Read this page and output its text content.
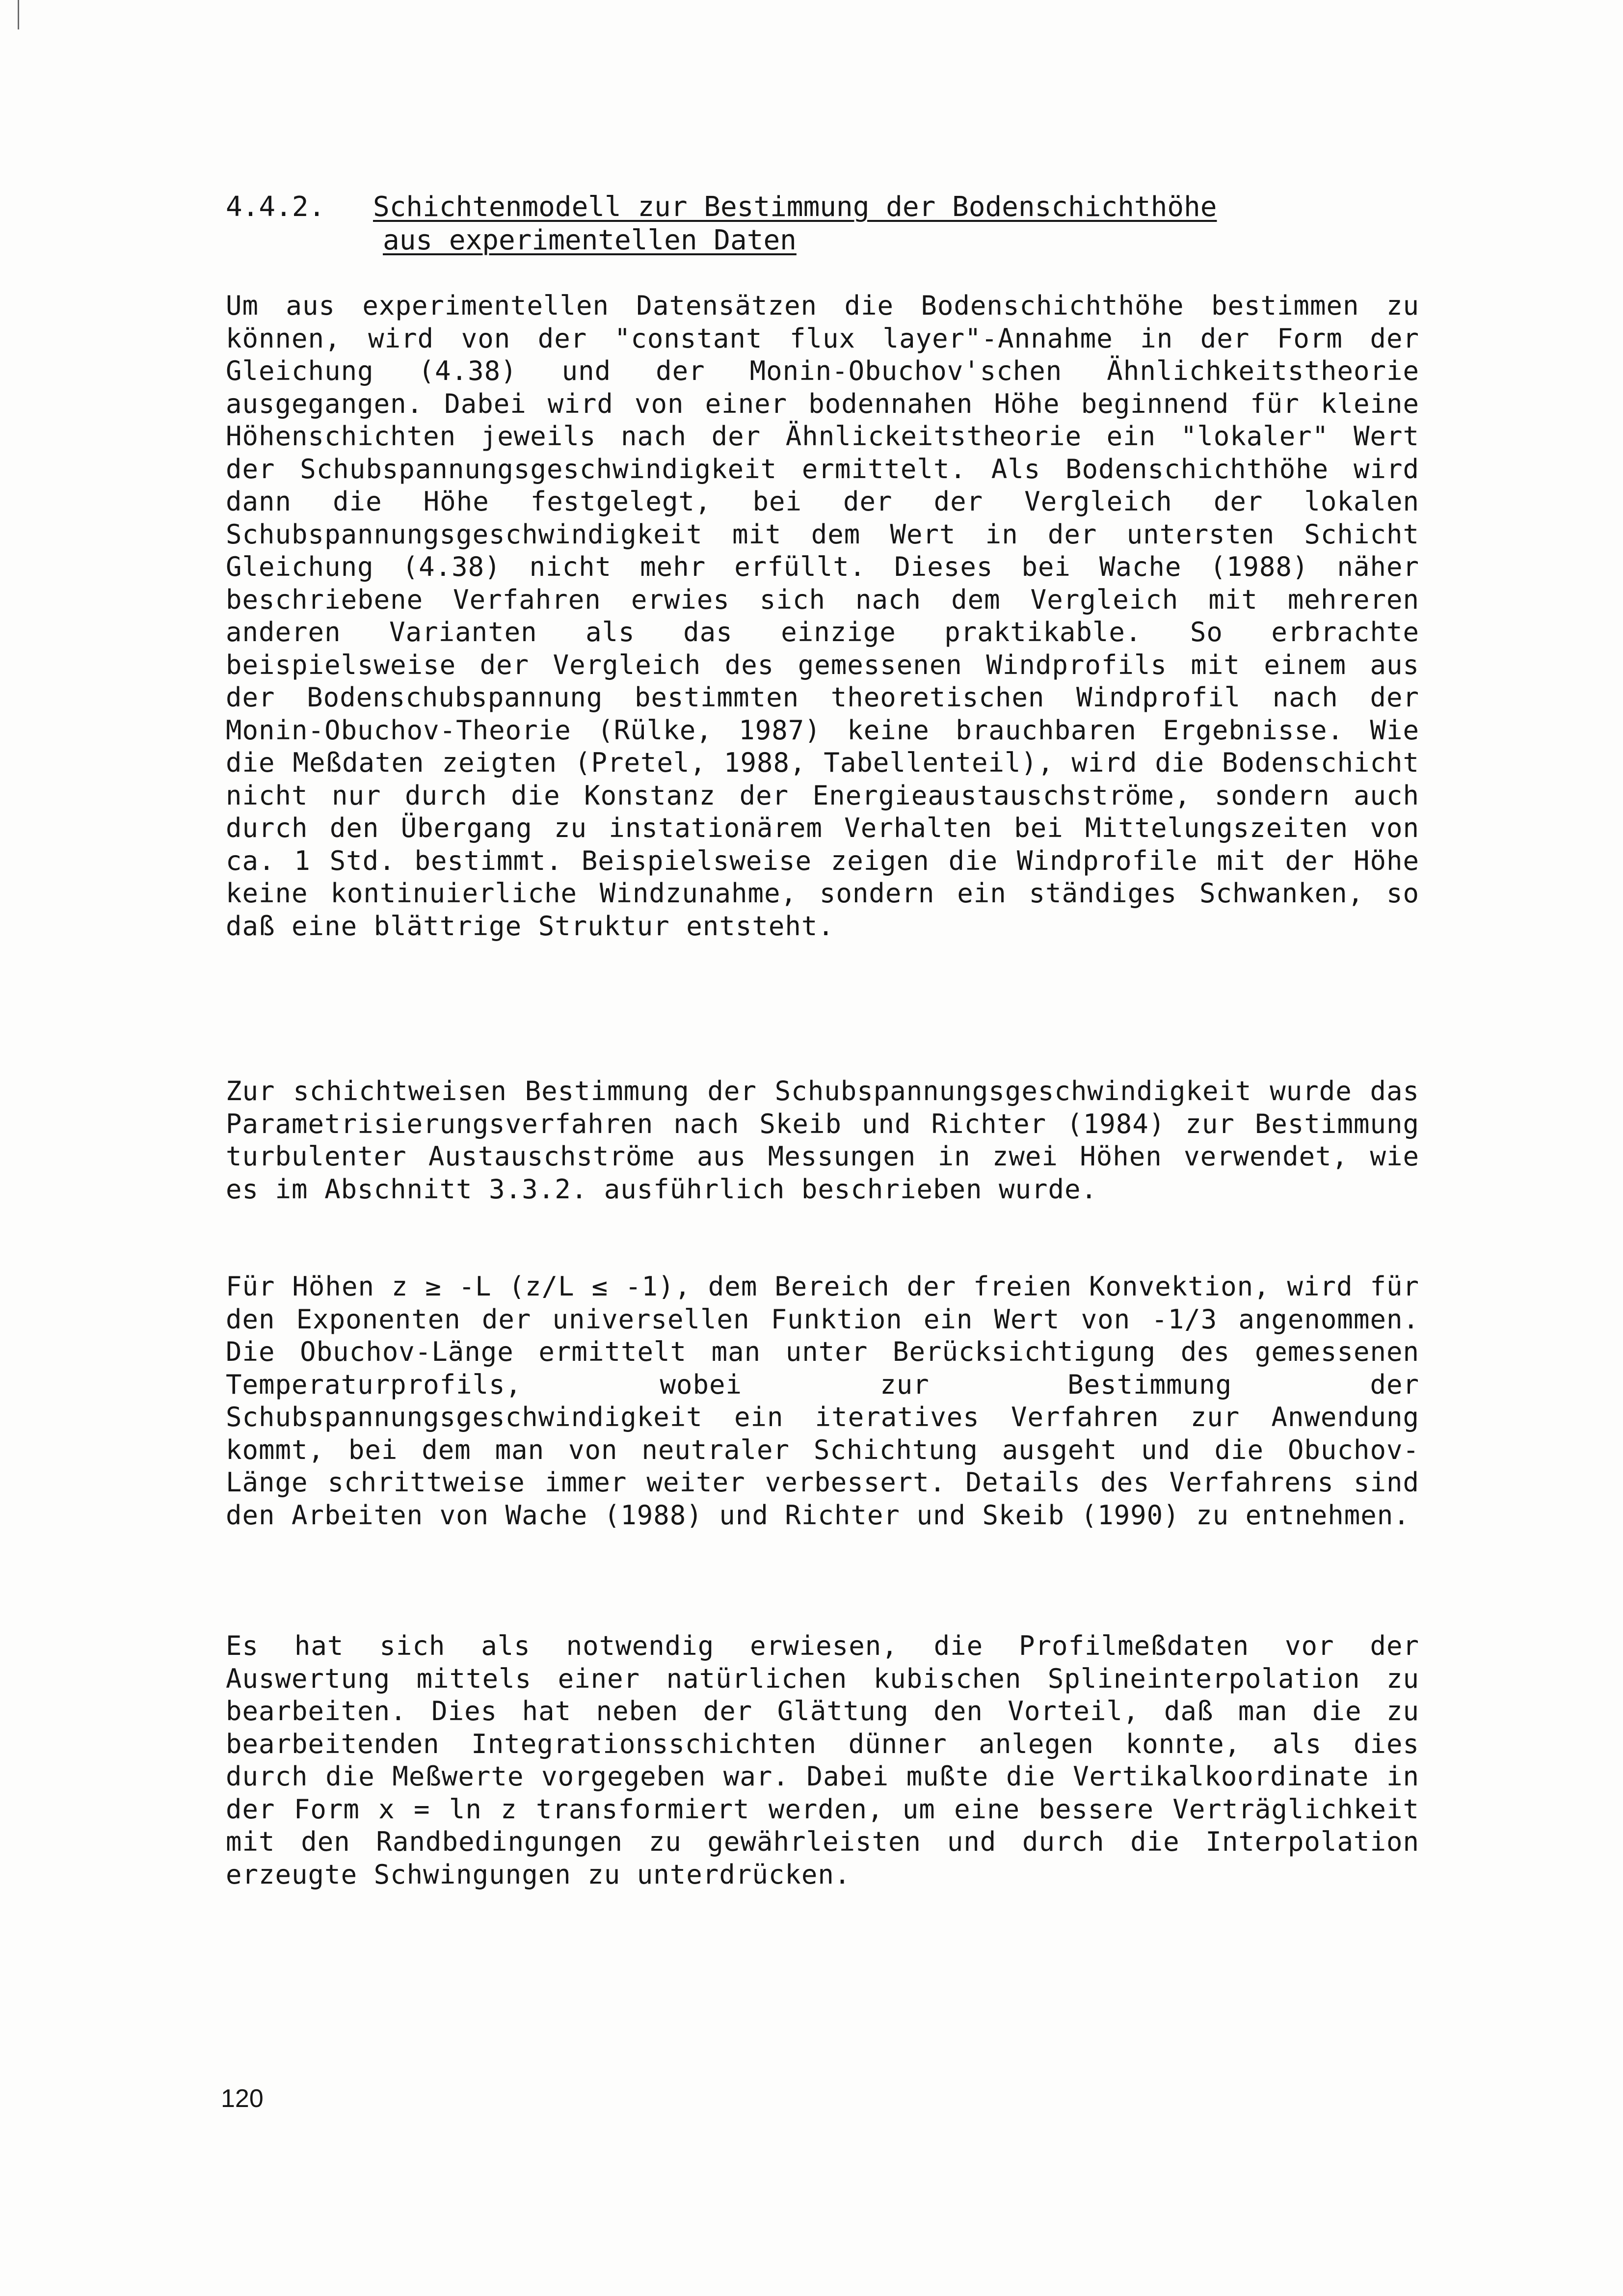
4.4.2. Schichtenmodell zur Bestimmung der Bodenschichthöhe
aus experimentellen Daten

Um aus experimentellen Datensätzen die Bodenschichthöhe bestimmen zu können, wird von der "constant flux layer"-Annahme in der Form der Gleichung (4.38) und der Monin-Obuchov'schen Ähnlichkeitstheorie ausgegangen. Dabei wird von einer bodennahen Höhe beginnend für kleine Höhenschichten jeweils nach der Ähnlickeitstheorie ein "lokaler" Wert der Schubspannungsgeschwindigkeit ermittelt. Als Bodenschichthöhe wird dann die Höhe festgelegt, bei der der Vergleich der lokalen Schubspannungsgeschwindigkeit mit dem Wert in der untersten Schicht Gleichung (4.38) nicht mehr erfüllt. Dieses bei Wache (1988) näher beschriebene Verfahren erwies sich nach dem Vergleich mit mehreren anderen Varianten als das einzige praktikable. So erbrachte beispielsweise der Vergleich des gemessenen Windprofils mit einem aus der Bodenschubspannung bestimmten theoretischen Windprofil nach der Monin-Obuchov-Theorie (Rülke, 1987) keine brauchbaren Ergebnisse. Wie die Meßdaten zeigten (Pretel, 1988, Tabellenteil), wird die Bodenschicht nicht nur durch die Konstanz der Energieaustauschströme, sondern auch durch den Übergang zu instationärem Verhalten bei Mittelungszeiten von ca. 1 Std. bestimmt. Beispielsweise zeigen die Windprofile mit der Höhe keine kontinuierliche Windzunahme, sondern ein ständiges Schwanken, so daß eine blättrige Struktur entsteht.

Zur schichtweisen Bestimmung der Schubspannungsgeschwindigkeit wurde das Parametrisierungsverfahren nach Skeib und Richter (1984) zur Bestimmung turbulenter Austauschströme aus Messungen in zwei Höhen verwendet, wie es im Abschnitt 3.3.2. ausführlich beschrieben wurde.

Für Höhen z ≥ -L (z/L ≤ -1), dem Bereich der freien Konvektion, wird für den Exponenten der universellen Funktion ein Wert von -1/3 angenommen. Die Obuchov-Länge ermittelt man unter Berücksichtigung des gemessenen Temperaturprofils, wobei zur Bestimmung der Schubspannungsgeschwindigkeit ein iteratives Verfahren zur Anwendung kommt, bei dem man von neutraler Schichtung ausgeht und die Obuchov-Länge schrittweise immer weiter verbessert. Details des Verfahrens sind den Arbeiten von Wache (1988) und Richter und Skeib (1990) zu entnehmen.

Es hat sich als notwendig erwiesen, die Profilmeßdaten vor der Auswertung mittels einer natürlichen kubischen Splineinterpolation zu bearbeiten. Dies hat neben der Glättung den Vorteil, daß man die zu bearbeitenden Integrationsschichten dünner anlegen konnte, als dies durch die Meßwerte vorgegeben war. Dabei mußte die Vertikalkoordinate in der Form x = ln z transformiert werden, um eine bessere Verträglichkeit mit den Randbedingungen zu gewährleisten und durch die Interpolation erzeugte Schwingungen zu unterdrücken.

120
